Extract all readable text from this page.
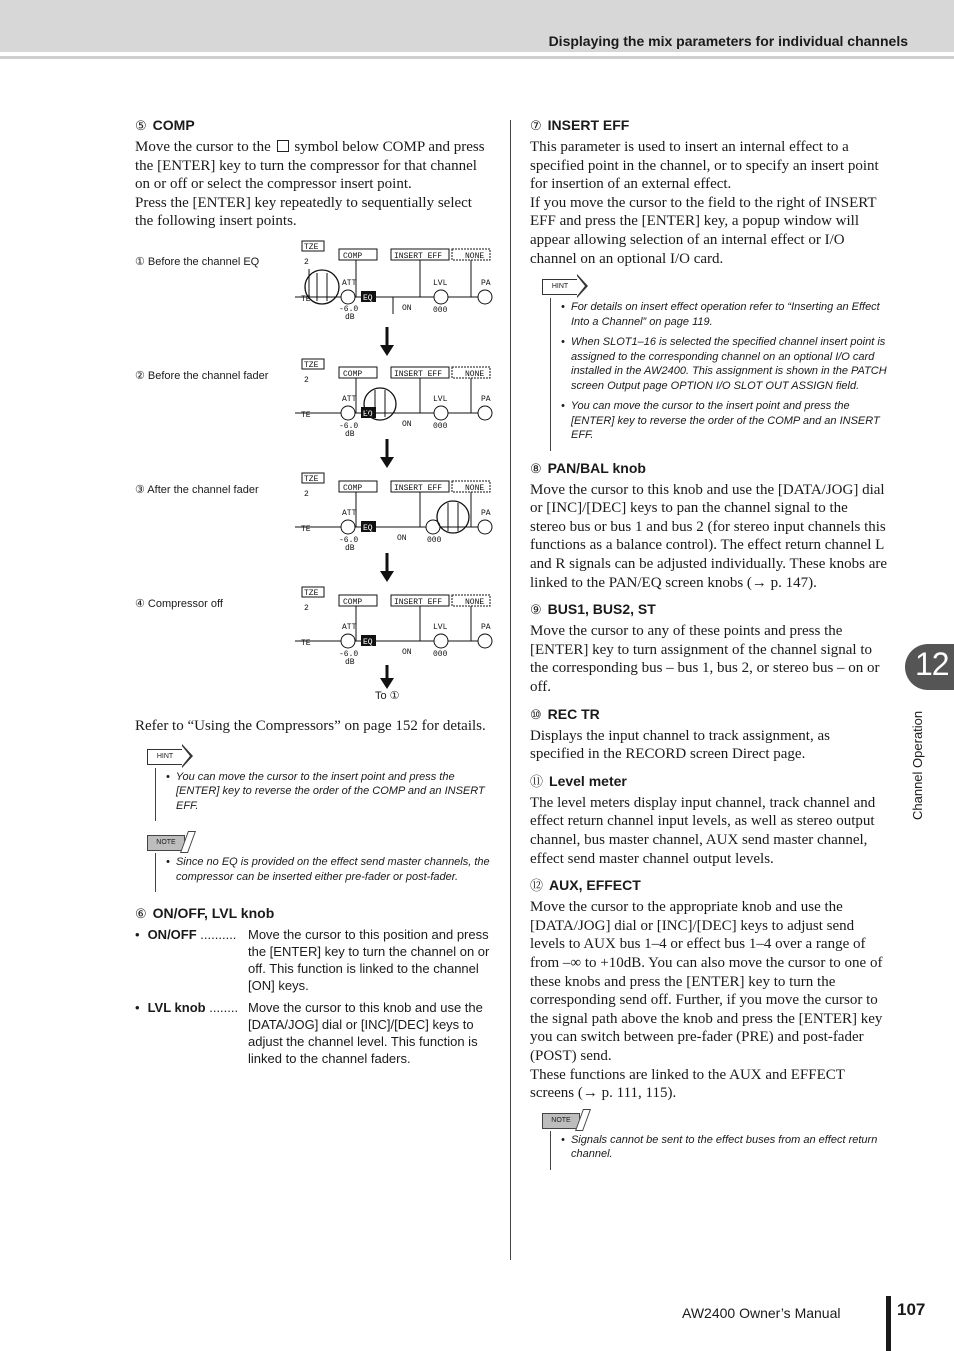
Displaying the mix parameters for individual channels
⑤ COMP

Move the cursor to the symbol below COMP and press the [ENTER] key to turn the compressor for that channel on or off or select the compressor insert point.

Press the [ENTER] key repeatedly to sequentially select the following insert points.

① Before the channel EQ
② Before the channel fader
③ After the channel fader
④ Compressor off
TZE
2
COMP	INSERT EFF	NONE
ATT	LVL	PA
TE	EQ
ON
-6.0
dB
000
TZE
2
COMP	INSERT EFF	NONE
ATT	LVL	PA
TE	EQ
ON
-6.0
dB
000
TZE
2
COMP	INSERT EFF	NONE
ATT	PA
TE	EQ
ON
-6.0
dB
000
TZE
2
COMP	INSERT EFF	NONE
ATT	LVL	PA
TE	EQ
ON
-6.0
dB
000
To ①

Refer to “Using the Compressors” on page 152 for details.

HINT

•  You can move the cursor to the insert point and press the [ENTER] key to reverse the order of the COMP and an INSERT EFF.

NOTE

•  Since no EQ is provided on the effect send master channels, the compressor can be inserted either pre-fader or post-fader.

⑥ ON/OFF, LVL knob
• ON/OFF .......... Move the cursor to this position and press the [ENTER] key to turn the channel on or off. This function is linked to the channel [ON] keys.
• LVL knob ........ Move the cursor to this knob and use the [DATA/JOG] dial or [INC]/[DEC] keys to adjust the channel level. This function is linked to the channel faders.
⑦ INSERT EFF

This parameter is used to insert an internal effect to a specified point in the channel, or to specify an insert point for insertion of an external effect.

If you move the cursor to the field to the right of INSERT EFF and press the [ENTER] key, a popup window will appear allowing selection of an internal effect or I/O channel on an optional I/O card.

HINT

•  For details on insert effect operation refer to “Inserting an Effect Into a Channel” on page 119.

•  When SLOT1–16 is selected the specified channel insert point is assigned to the corresponding channel on an optional I/O card installed in the AW2400. This assignment is shown in the PATCH screen Output page OPTION I/O SLOT OUT ASSIGN field.

•  You can move the cursor to the insert point and press the [ENTER] key to reverse the order of the COMP and an INSERT EFF.

⑧ PAN/BAL knob

Move the cursor to this knob and use the [DATA/JOG] dial or [INC]/[DEC] keys to pan the channel signal to the stereo bus or bus 1 and bus 2 (for stereo input channels this functions as a balance control). The effect return channel L and R signals can be adjusted individually. These knobs are linked to the PAN/EQ screen knobs (→ p. 147).

⑨ BUS1, BUS2, ST

Move the cursor to any of these points and press the [ENTER] key to turn assignment of the channel signal to the corresponding bus – bus 1, bus 2, or stereo bus – on or off.

⑩ REC TR

Displays the input channel to track assignment, as specified in the RECORD screen Direct page.

⑪ Level meter

The level meters display input channel, track channel and effect return channel input levels, as well as stereo output channel, bus master channel, AUX send master channel, effect send master channel output levels.

⑫ AUX, EFFECT

Move the cursor to the appropriate knob and use the [DATA/JOG] dial or [INC]/[DEC] keys to adjust send levels to AUX bus 1–4 or effect bus 1–4 over a range of from –∞ to +10dB. You can also move the cursor to one of these knobs and press the [ENTER] key to turn the corresponding send off. Further, if you move the cursor to the signal path above the knob and press the [ENTER] key you can switch between pre-fader (PRE) and post-fader (POST) send.

These functions are linked to the AUX and EFFECT screens (→ p. 111, 115).

NOTE

•  Signals cannot be sent to the effect buses from an effect return channel.

12
Channel Operation
AW2400 Owner’s Manual	107
